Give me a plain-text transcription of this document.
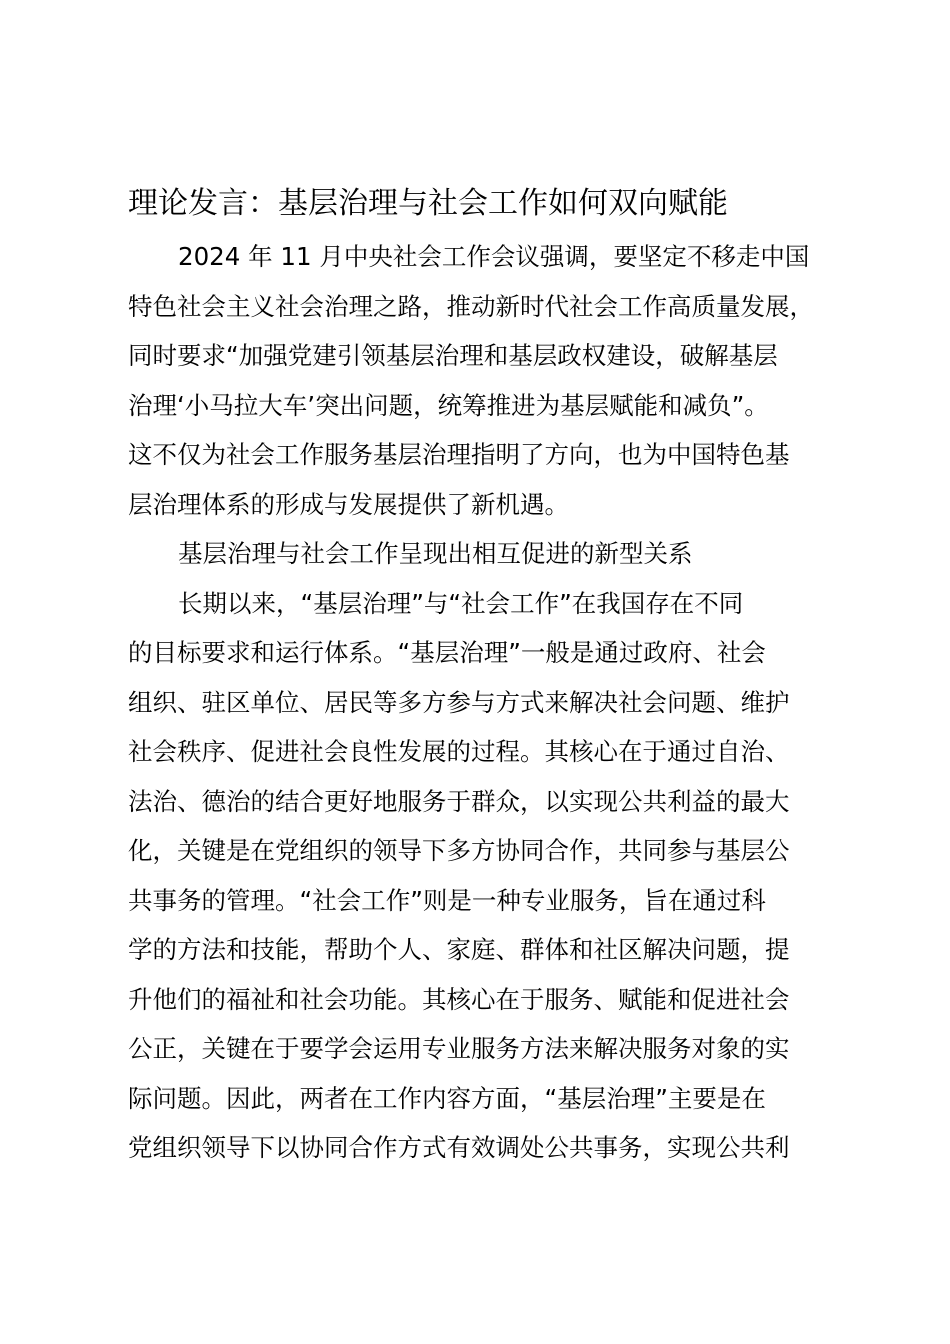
理论发言：基层治理与社会工作如何双向赋能
2024 年 11 月中央社会工作会议强调，要坚定不移走中国
特色社会主义社会治理之路，推动新时代社会工作高质量发展，
同时要求“加强党建引领基层治理和基层政权建设，破解基层
治理‘小马拉大车’突出问题，统筹推进为基层赋能和减负”。
这不仅为社会工作服务基层治理指明了方向，也为中国特色基
层治理体系的形成与发展提供了新机遇。
基层治理与社会工作呈现出相互促进的新型关系
长期以来，“基层治理”与“社会工作”在我国存在不同
的目标要求和运行体系。“基层治理”一般是通过政府、社会
组织、驻区单位、居民等多方参与方式来解决社会问题、维护
社会秩序、促进社会良性发展的过程。其核心在于通过自治、
法治、德治的结合更好地服务于群众，以实现公共利益的最大
化，关键是在党组织的领导下多方协同合作，共同参与基层公
共事务的管理。“社会工作”则是一种专业服务，旨在通过科
学的方法和技能，帮助个人、家庭、群体和社区解决问题，提
升他们的福祉和社会功能。其核心在于服务、赋能和促进社会
公正，关键在于要学会运用专业服务方法来解决服务对象的实
际问题。因此，两者在工作内容方面，“基层治理”主要是在
党组织领导下以协同合作方式有效调处公共事务，实现公共利
